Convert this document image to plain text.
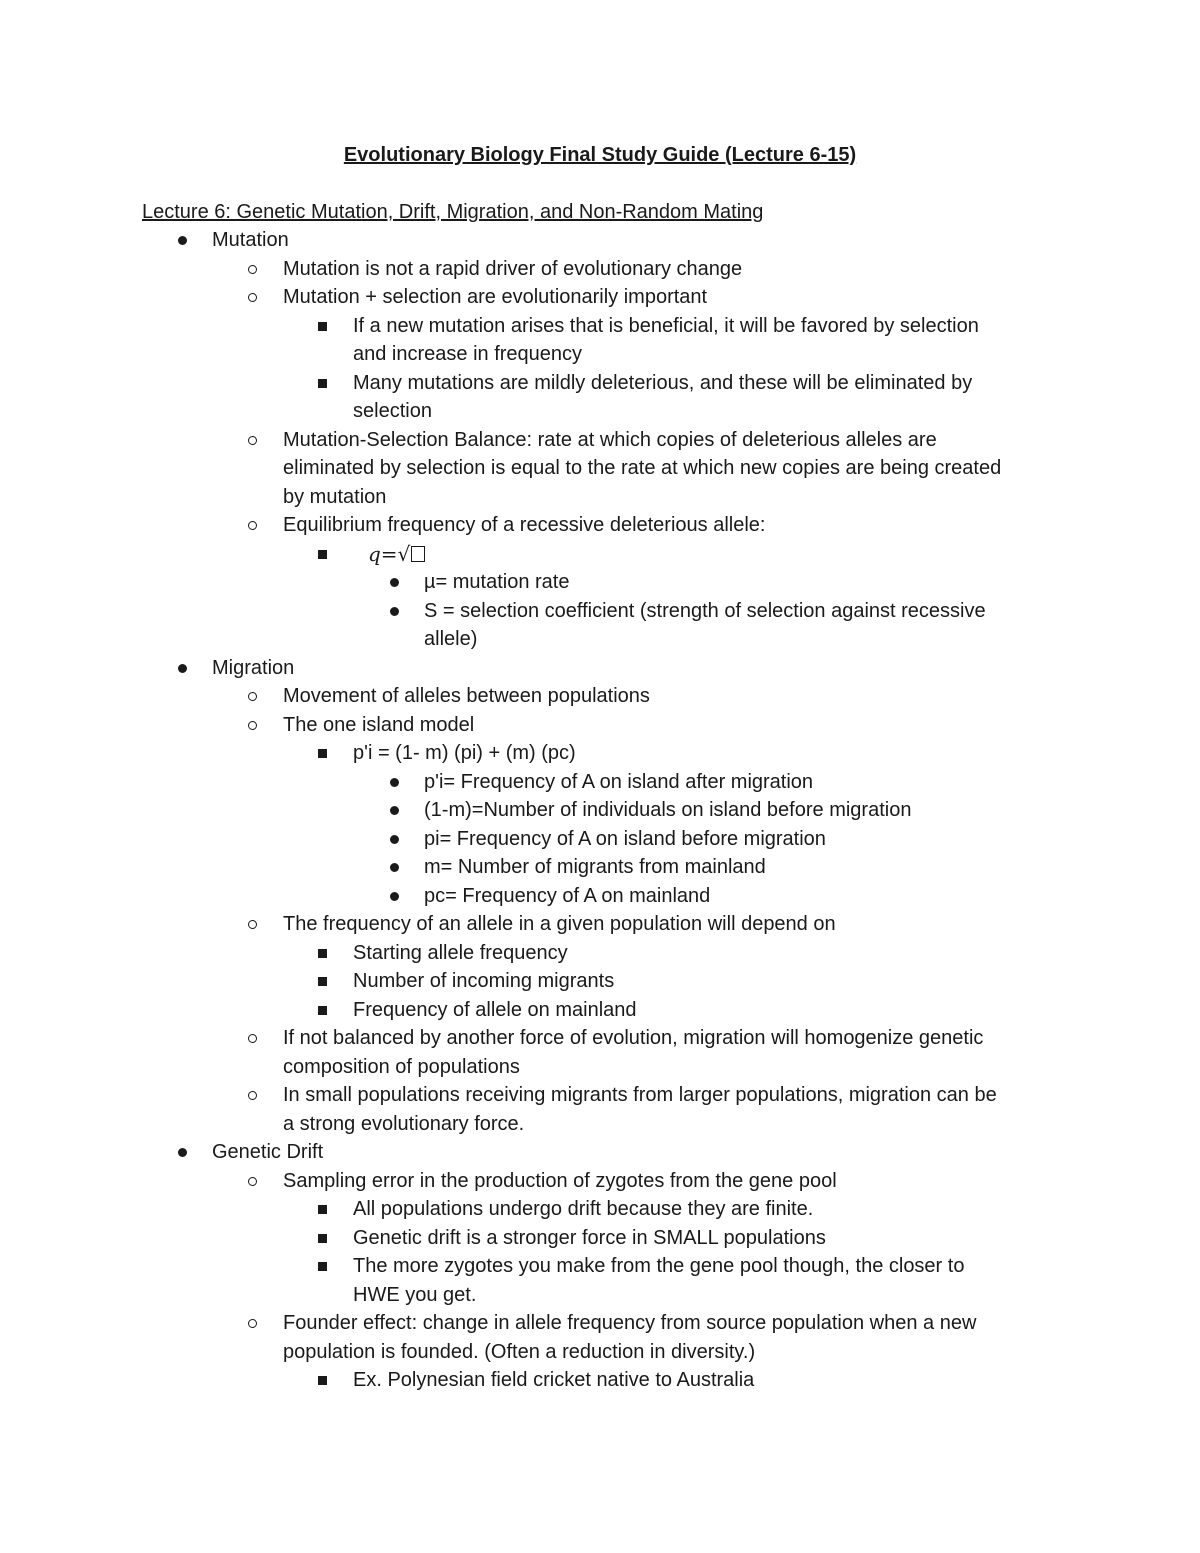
Evolutionary Biology Final Study Guide (Lecture 6-15)
Lecture 6: Genetic Mutation, Drift, Migration, and Non-Random Mating
Mutation
Mutation is not a rapid driver of evolutionary change
Mutation + selection are evolutionarily important
If a new mutation arises that is beneficial, it will be favored by selection
and increase in frequency
Many mutations are mildly deleterious, and these will be eliminated by
selection
Mutation-Selection Balance: rate at which copies of deleterious alleles are
eliminated by selection is equal to the rate at which new copies are being created
by mutation
Equilibrium frequency of a recessive deleterious allele:
q=√
µ= mutation rate
S = selection coefficient (strength of selection against recessive
allele)
Migration
Movement of alleles between populations
The one island model
p'i = (1- m) (pi) + (m) (pc)
p'i= Frequency of A on island after migration
(1-m)=Number of individuals on island before migration
pi= Frequency of A on island before migration
m= Number of migrants from mainland
pc= Frequency of A on mainland
The frequency of an allele in a given population will depend on
Starting allele frequency
Number of incoming migrants
Frequency of allele on mainland
If not balanced by another force of evolution, migration will homogenize genetic
composition of populations
In small populations receiving migrants from larger populations, migration can be
a strong evolutionary force.
Genetic Drift
Sampling error in the production of zygotes from the gene pool
All populations undergo drift because they are finite.
Genetic drift is a stronger force in SMALL populations
The more zygotes you make from the gene pool though, the closer to
HWE you get.
Founder effect: change in allele frequency from source population when a new
population is founded. (Often a reduction in diversity.)
Ex. Polynesian field cricket native to Australia
